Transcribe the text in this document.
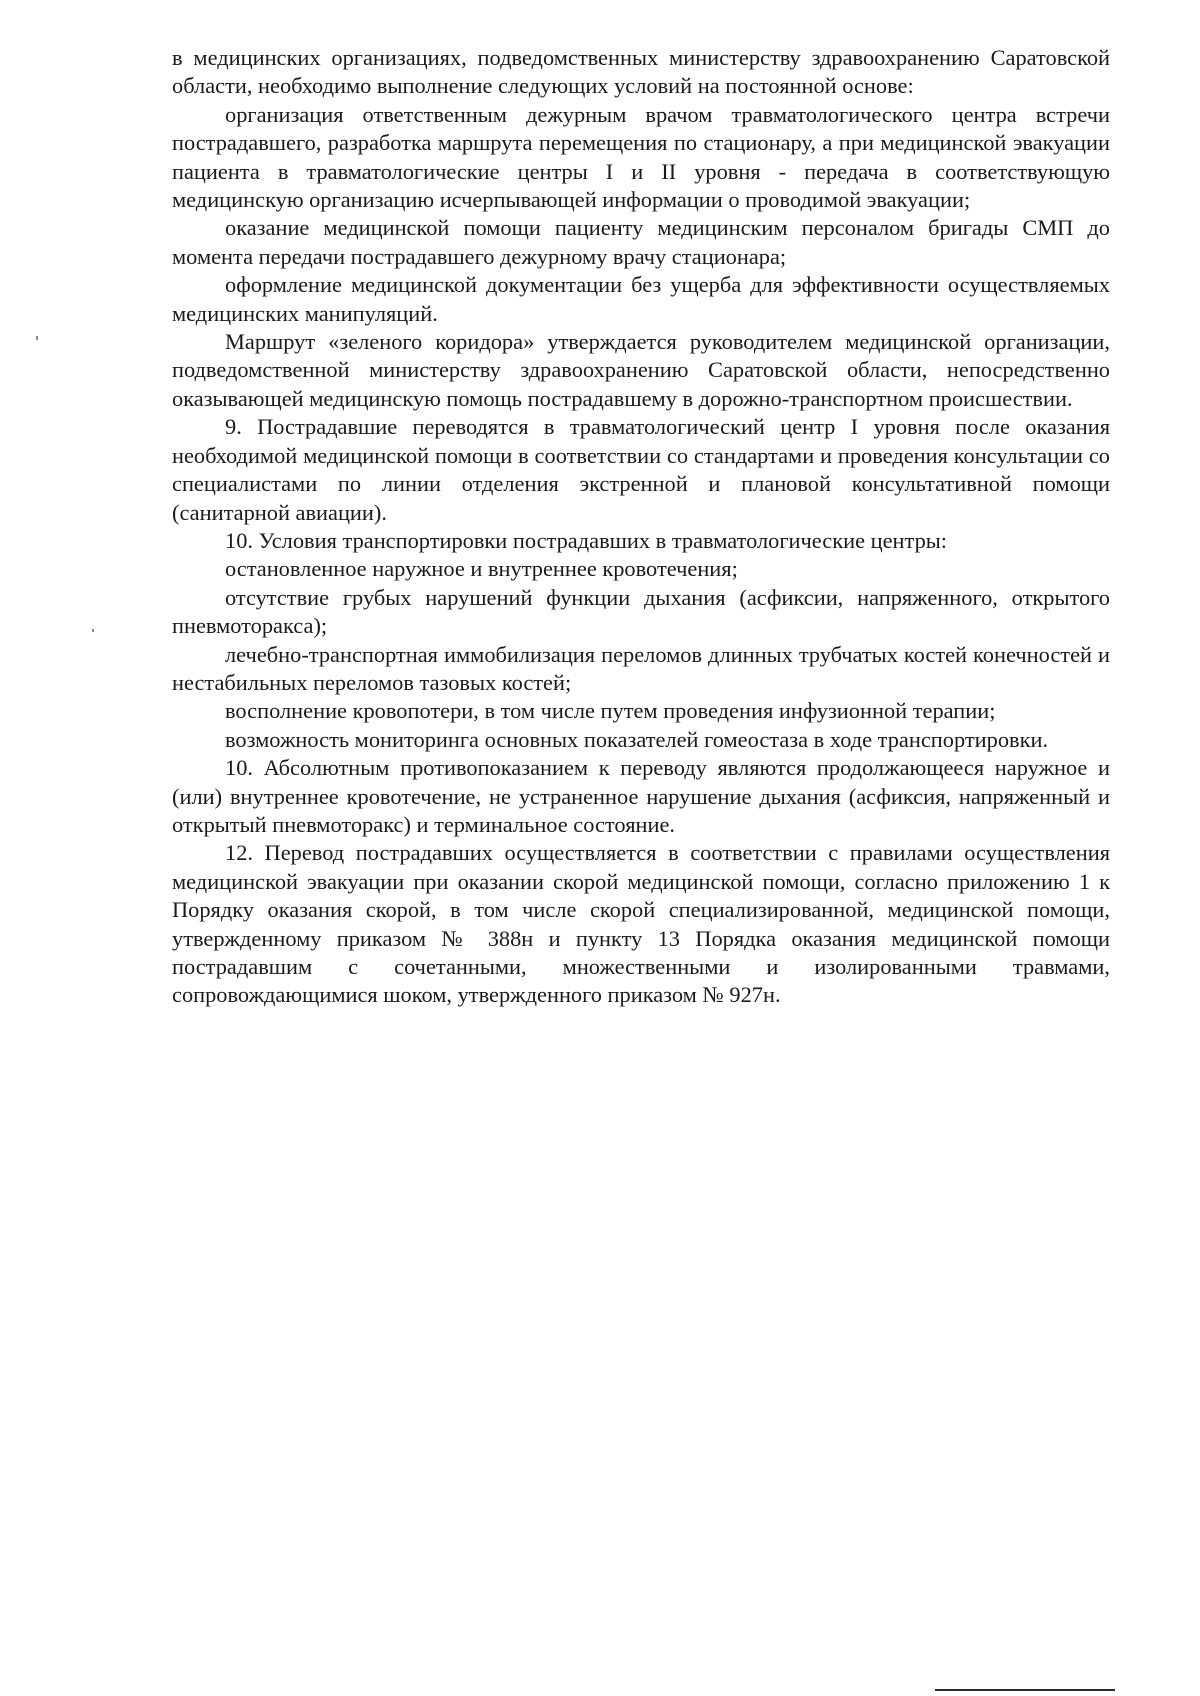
в медицинских организациях, подведомственных министерству здравоохранению Саратовской области, необходимо выполнение следующих условий на постоянной основе:

организация ответственным дежурным врачом травматологического центра встречи пострадавшего, разработка маршрута перемещения по стационару, а при медицинской эвакуации пациента в травматологические центры I и II уровня - передача в соответствующую медицинскую организацию исчерпывающей информации о проводимой эвакуации;

оказание медицинской помощи пациенту медицинским персоналом бригады СМП до момента передачи пострадавшего дежурному врачу стационара;

оформление медицинской документации без ущерба для эффективности осуществляемых медицинских манипуляций.

Маршрут «зеленого коридора» утверждается руководителем медицинской организации, подведомственной министерству здравоохранению Саратовской области, непосредственно оказывающей медицинскую помощь пострадавшему в дорожно-транспортном происшествии.

9. Пострадавшие переводятся в травматологический центр I уровня после оказания необходимой медицинской помощи в соответствии со стандартами и проведения консультации со специалистами по линии отделения экстренной и плановой консультативной помощи (санитарной авиации).

10. Условия транспортировки пострадавших в травматологические центры:

остановленное наружное и внутреннее кровотечения;

отсутствие грубых нарушений функции дыхания (асфиксии, напряженного, открытого пневмоторакса);

лечебно-транспортная иммобилизация переломов длинных трубчатых костей конечностей и нестабильных переломов тазовых костей;

восполнение кровопотери, в том числе путем проведения инфузионной терапии;

возможность мониторинга основных показателей гомеостаза в ходе транспортировки.

10. Абсолютным противопоказанием к переводу являются продолжающееся наружное и (или) внутреннее кровотечение, не устраненное нарушение дыхания (асфиксия, напряженный и открытый пневмоторакс) и терминальное состояние.

12. Перевод пострадавших осуществляется в соответствии с правилами осуществления медицинской эвакуации при оказании скорой медицинской помощи, согласно приложению 1 к Порядку оказания скорой, в том числе скорой специализированной, медицинской помощи, утвержденному приказом № 388н и пункту 13 Порядка оказания медицинской помощи пострадавшим с сочетанными, множественными и изолированными травмами, сопровождающимися шоком, утвержденного приказом № 927н.
